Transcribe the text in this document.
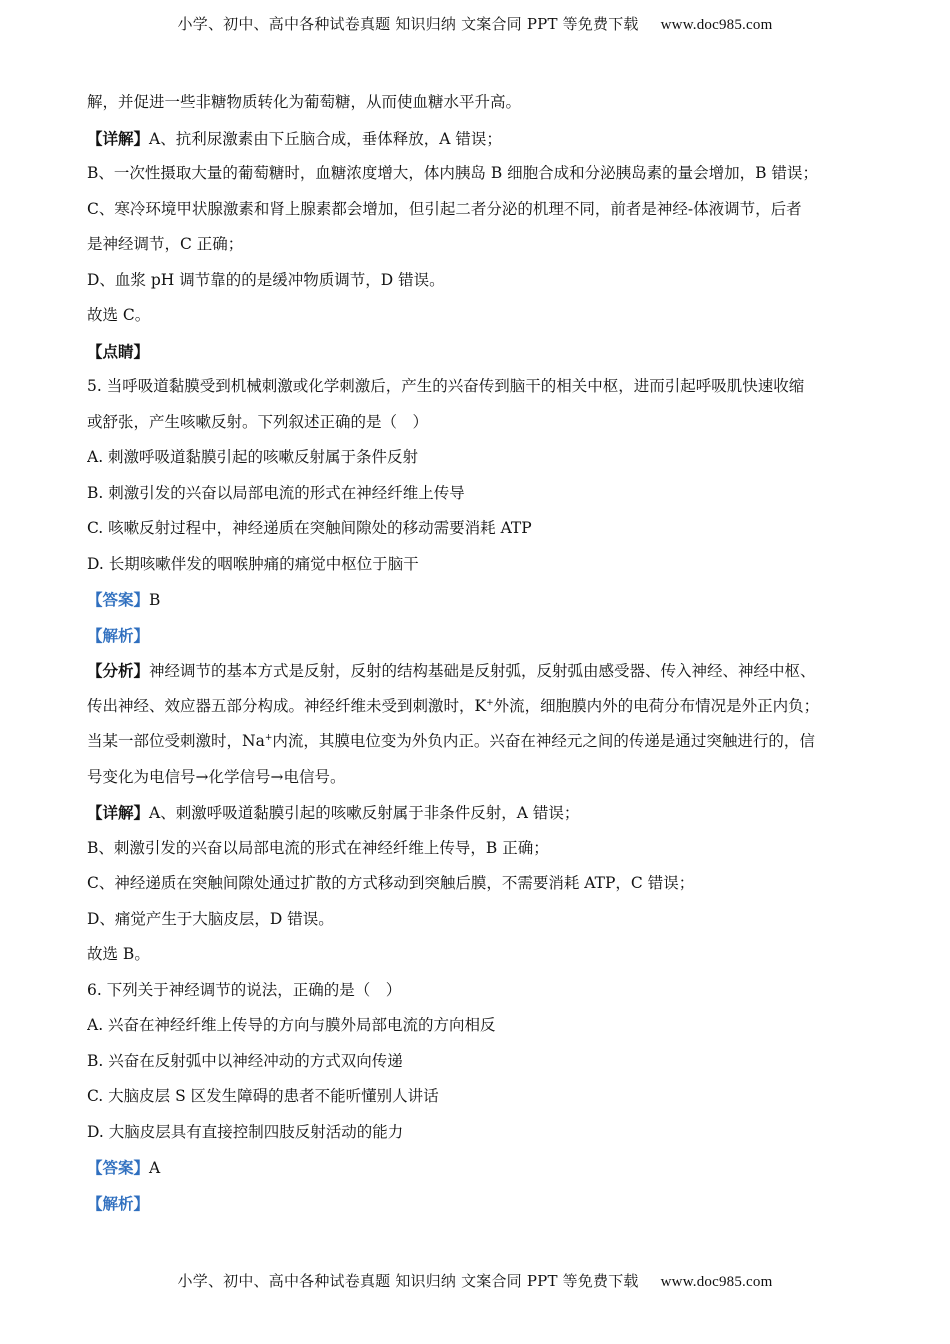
小学、初中、高中各种试卷真题 知识归纳 文案合同 PPT 等免费下载 www.doc985.com
解，并促进一些非糖物质转化为葡萄糖，从而使血糖水平升高。
【详解】A、抗利尿激素由下丘脑合成，垂体释放，A 错误；
B、一次性摄取大量的葡萄糖时，血糖浓度增大，体内胰岛 B 细胞合成和分泌胰岛素的量会增加，B 错误；
C、寒冷环境甲状腺激素和肾上腺素都会增加，但引起二者分泌的机理不同，前者是神经-体液调节，后者
是神经调节，C 正确；
D、血浆 pH 调节靠的的是缓冲物质调节，D 错误。
故选 C。
【点睛】
5. 当呼吸道黏膜受到机械刺激或化学刺激后，产生的兴奋传到脑干的相关中枢，进而引起呼吸肌快速收缩
或舒张，产生咳嗽反射。下列叙述正确的是（　）
A. 刺激呼吸道黏膜引起的咳嗽反射属于条件反射
B. 刺激引发的兴奋以局部电流的形式在神经纤维上传导
C. 咳嗽反射过程中，神经递质在突触间隙处的移动需要消耗 ATP
D. 长期咳嗽伴发的咽喉肿痛的痛觉中枢位于脑干
【答案】B
【解析】
【分析】神经调节的基本方式是反射，反射的结构基础是反射弧，反射弧由感受器、传入神经、神经中枢、
传出神经、效应器五部分构成。神经纤维未受到刺激时，K+外流，细胞膜内外的电荷分布情况是外正内负；
当某一部位受刺激时，Na+内流，其膜电位变为外负内正。兴奋在神经元之间的传递是通过突触进行的，信
号变化为电信号→化学信号→电信号。
【详解】A、刺激呼吸道黏膜引起的咳嗽反射属于非条件反射，A 错误；
B、刺激引发的兴奋以局部电流的形式在神经纤维上传导，B 正确；
C、神经递质在突触间隙处通过扩散的方式移动到突触后膜，不需要消耗 ATP，C 错误；
D、痛觉产生于大脑皮层，D 错误。
故选 B。
6. 下列关于神经调节的说法，正确的是（　）
A. 兴奋在神经纤维上传导的方向与膜外局部电流的方向相反
B. 兴奋在反射弧中以神经冲动的方式双向传递
C. 大脑皮层 S 区发生障碍的患者不能听懂别人讲话
D. 大脑皮层具有直接控制四肢反射活动的能力
【答案】A
【解析】
小学、初中、高中各种试卷真题 知识归纳 文案合同 PPT 等免费下载 www.doc985.com
